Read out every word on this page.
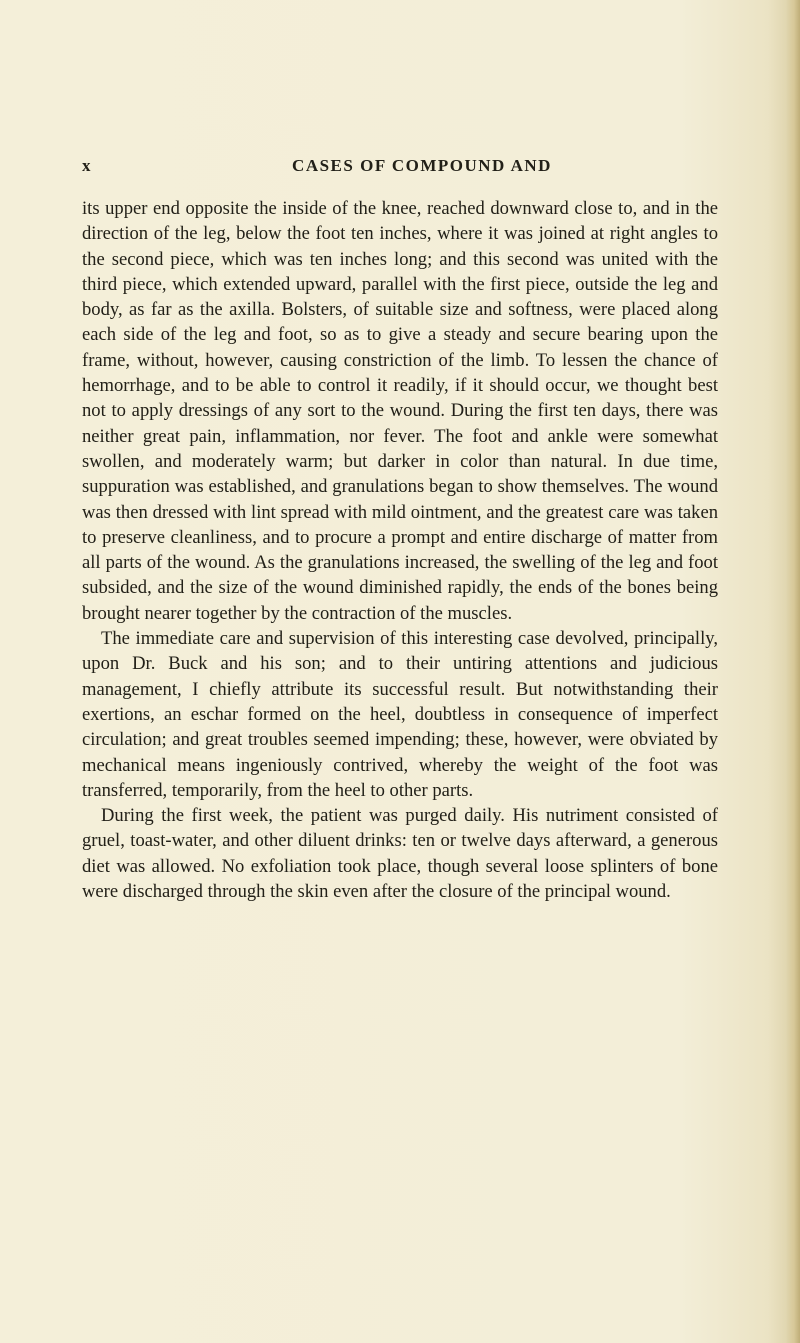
x	CASES OF COMPOUND AND

its upper end opposite the inside of the knee, reached downward close to, and in the direction of the leg, below the foot ten inches, where it was joined at right angles to the second piece, which was ten inches long; and this second was united with the third piece, which extended upward, parallel with the first piece, outside the leg and body, as far as the axilla. Bolsters, of suitable size and softness, were placed along each side of the leg and foot, so as to give a steady and secure bearing upon the frame, without, however, causing constriction of the limb. To lessen the chance of hemorrhage, and to be able to control it readily, if it should occur, we thought best not to apply dressings of any sort to the wound. During the first ten days, there was neither great pain, inflammation, nor fever. The foot and ankle were somewhat swollen, and moderately warm; but darker in color than natural. In due time, suppuration was established, and granulations began to show themselves. The wound was then dressed with lint spread with mild ointment, and the greatest care was taken to preserve cleanliness, and to procure a prompt and entire discharge of matter from all parts of the wound. As the granulations increased, the swelling of the leg and foot subsided, and the size of the wound diminished rapidly, the ends of the bones being brought nearer together by the contraction of the muscles.

The immediate care and supervision of this interesting case devolved, principally, upon Dr. Buck and his son; and to their untiring attentions and judicious management, I chiefly attribute its successful result. But notwithstanding their exertions, an eschar formed on the heel, doubtless in consequence of imperfect circulation; and great troubles seemed impending; these, however, were obviated by mechanical means ingeniously contrived, whereby the weight of the foot was transferred, temporarily, from the heel to other parts.

During the first week, the patient was purged daily. His nutriment consisted of gruel, toast-water, and other diluent drinks: ten or twelve days afterward, a generous diet was allowed. No exfoliation took place, though several loose splinters of bone were discharged through the skin even after the closure of the principal wound.
